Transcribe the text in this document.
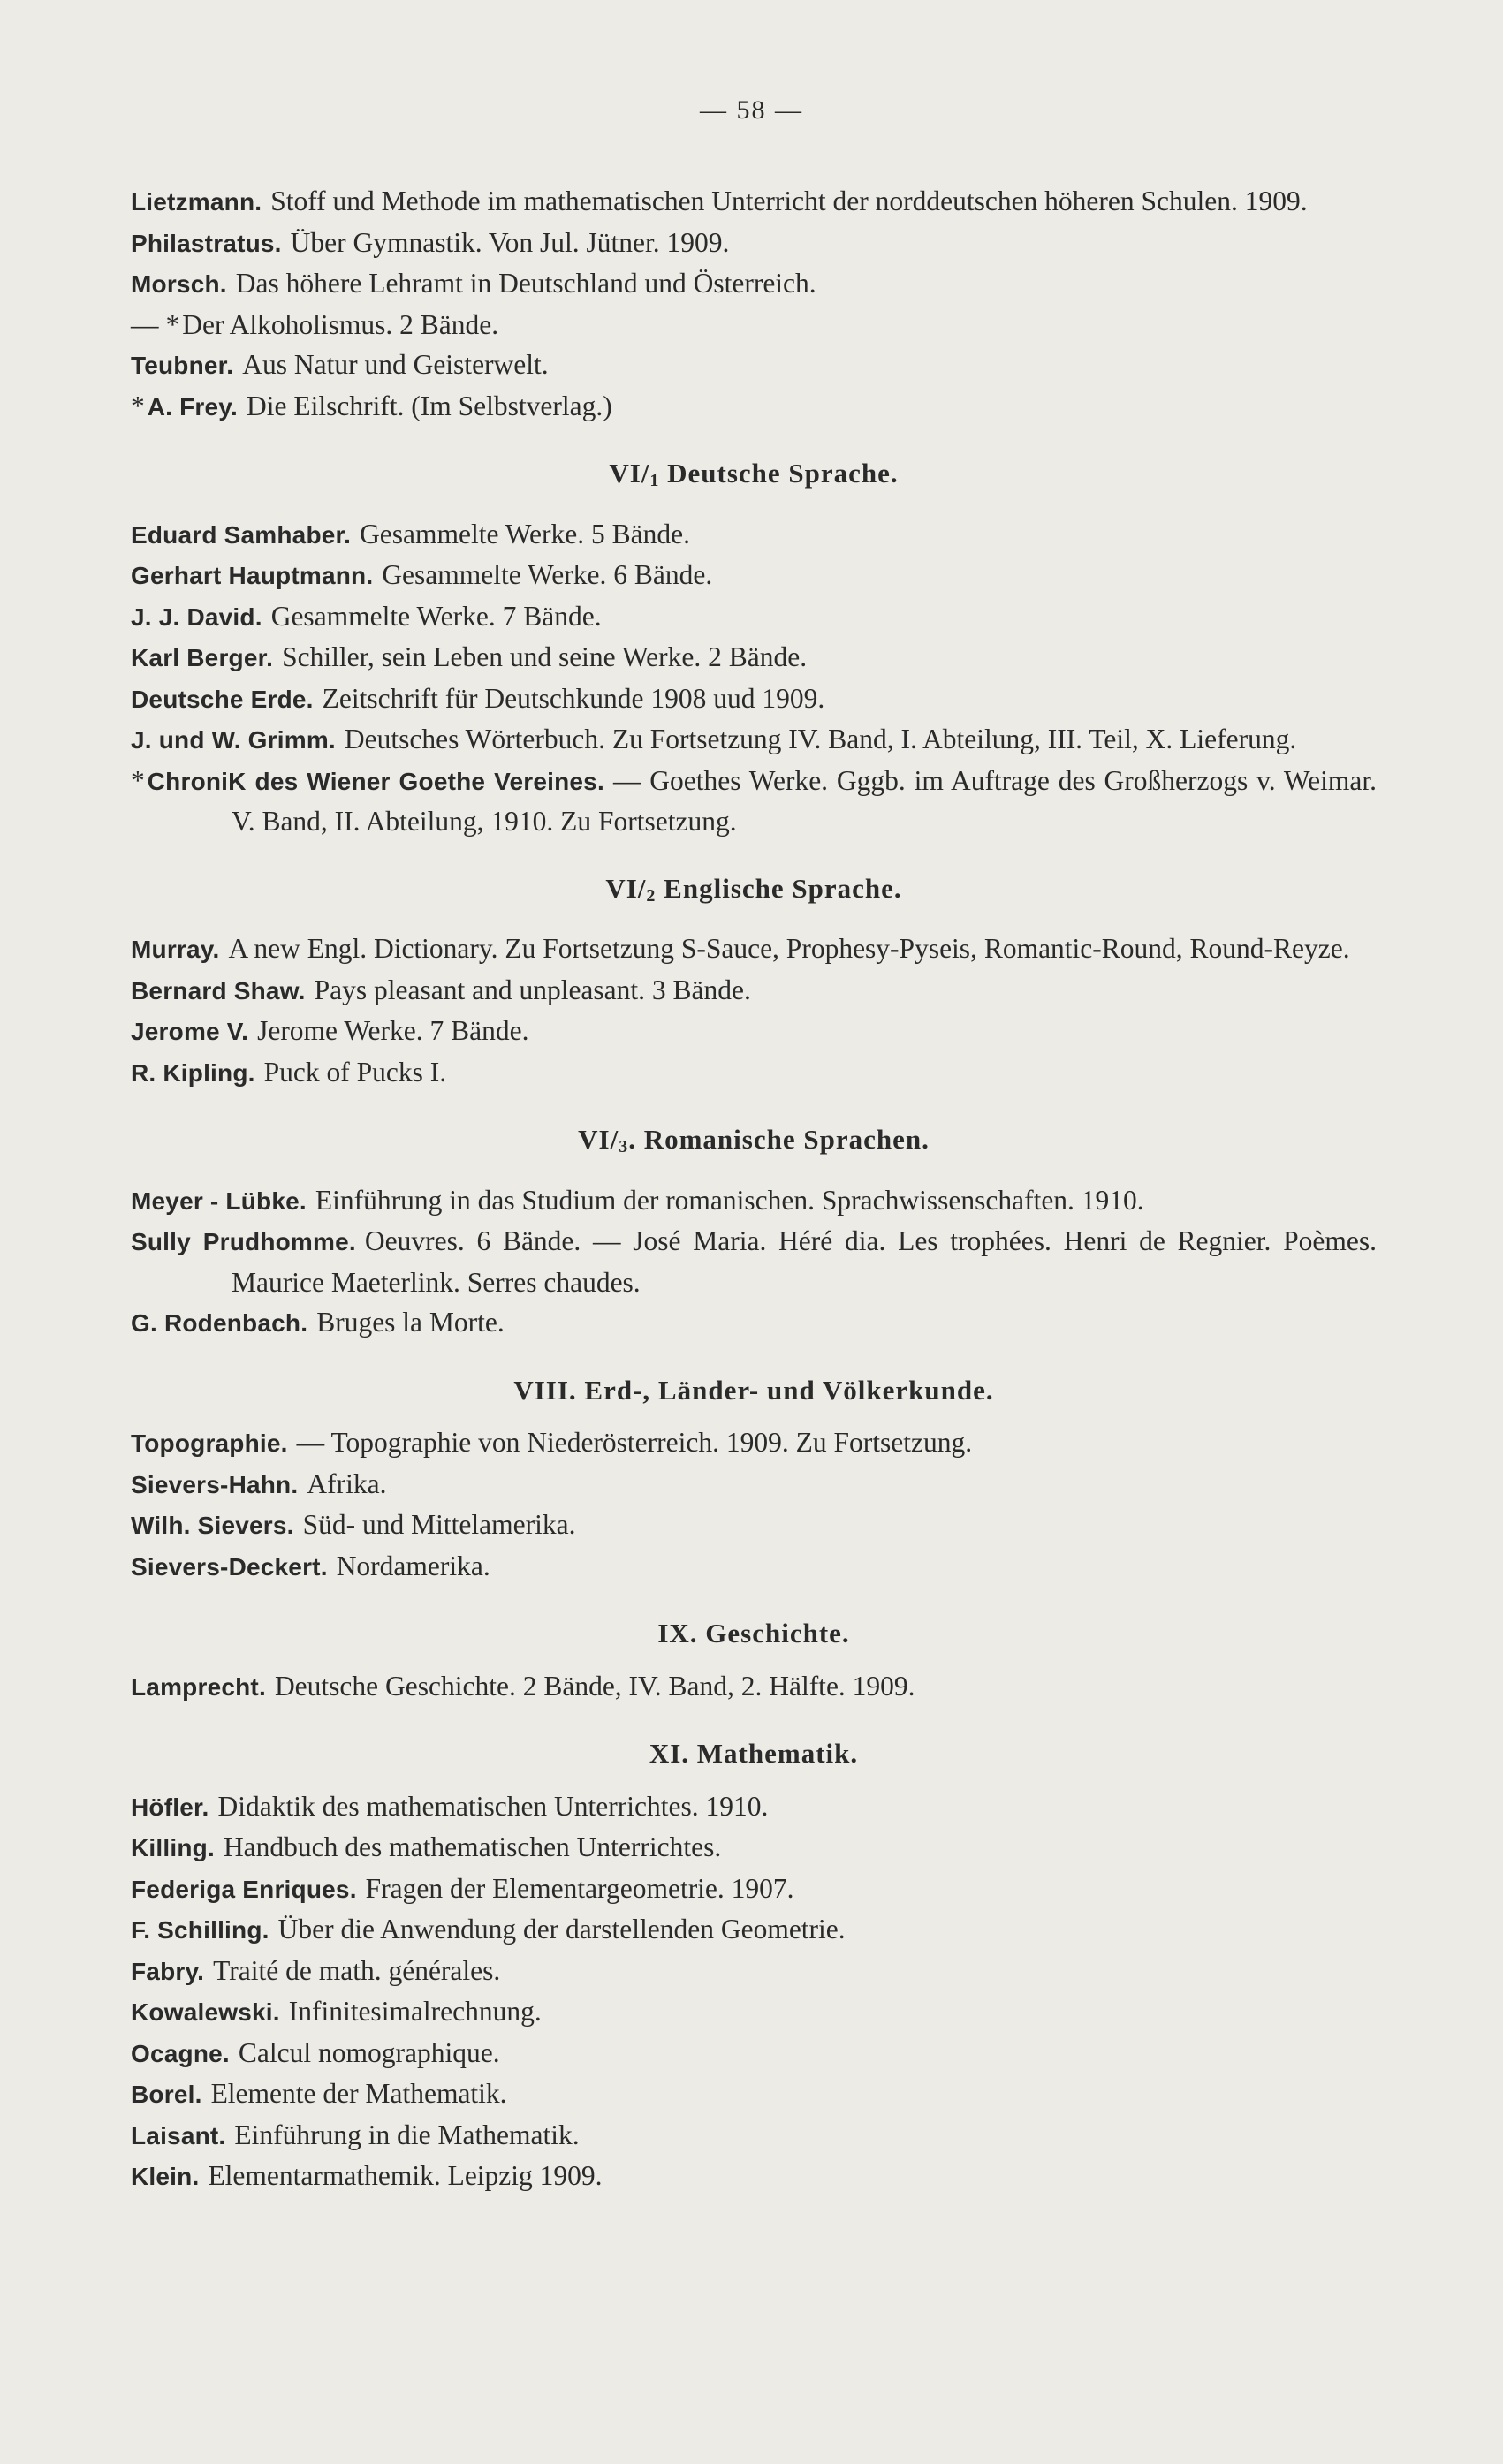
— 58 —
Lietzmann. Stoff und Methode im mathematischen Unterricht der norddeutschen höheren Schulen. 1909.
Philastratus. Über Gymnastik. Von Jul. Jütner. 1909.
Morsch. Das höhere Lehramt in Deutschland und Österreich.
— *Der Alkoholismus. 2 Bände.
Teubner. Aus Natur und Geisterwelt.
* A. Frey. Die Eilschrift. (Im Selbstverlag.)
$VI/_1$ Deutsche Sprache.
Eduard Samhaber. Gesammelte Werke. 5 Bände.
Gerhart Hauptmann. Gesammelte Werke. 6 Bände.
J. J. David. Gesammelte Werke. 7 Bände.
Karl Berger. Schiller, sein Leben und seine Werke. 2 Bände.
Deutsche Erde. Zeitschrift für Deutschkunde 1908 uud 1909.
J. und W. Grimm. Deutsches Wörterbuch. Zu Fortsetzung IV. Band, I. Abteilung, III. Teil, X. Lieferung.
* ChroniK des Wiener Goethe Vereines. — Goethes Werke. Gggb. im Auftrage des Großherzogs v. Weimar. V. Band, II. Abteilung, 1910. Zu Fortsetzung.
$VI/_2$ Englische Sprache.
Murray. A new Engl. Dictionary. Zu Fortsetzung S-Sauce, Prophesy-Pyseis, Romantic-Round, Round-Reyze.
Bernard Shaw. Pays pleasant and unpleasant. 3 Bände.
Jerome V. Jerome Werke. 7 Bände.
R. Kipling. Puck of Pucks I.
$VI/_3$. Romanische Sprachen.
Meyer - Lübke. Einführung in das Studium der romanischen. Sprachwissenschaften. 1910.
Sully Prudhomme. Oeuvres. 6 Bände. — José Maria. Héré dia. Les trophées. Henri de Regnier. Poèmes. Maurice Maeterlink. Serres chaudes.
G. Rodenbach. Bruges la Morte.
VIII. Erd-, Länder- und Völkerkunde.
Topographie. — Topographie von Niederösterreich. 1909. Zu Fortsetzung.
Sievers-Hahn. Afrika.
Wilh. Sievers. Süd- und Mittelamerika.
Sievers-Deckert. Nordamerika.
IX. Geschichte.
Lamprecht. Deutsche Geschichte. 2 Bände, IV. Band, 2. Hälfte. 1909.
XI. Mathematik.
Höfler. Didaktik des mathematischen Unterrichtes. 1910.
Killing. Handbuch des mathematischen Unterrichtes.
Federiga Enriques. Fragen der Elementargeometrie. 1907.
F. Schilling. Über die Anwendung der darstellenden Geometrie.
Fabry. Traité de math. générales.
Kowalewski. Infinitesimalrechnung.
Ocagne. Calcul nomographique.
Borel. Elemente der Mathematik.
Laisant. Einführung in die Mathematik.
Klein. Elementarmathemik. Leipzig 1909.
